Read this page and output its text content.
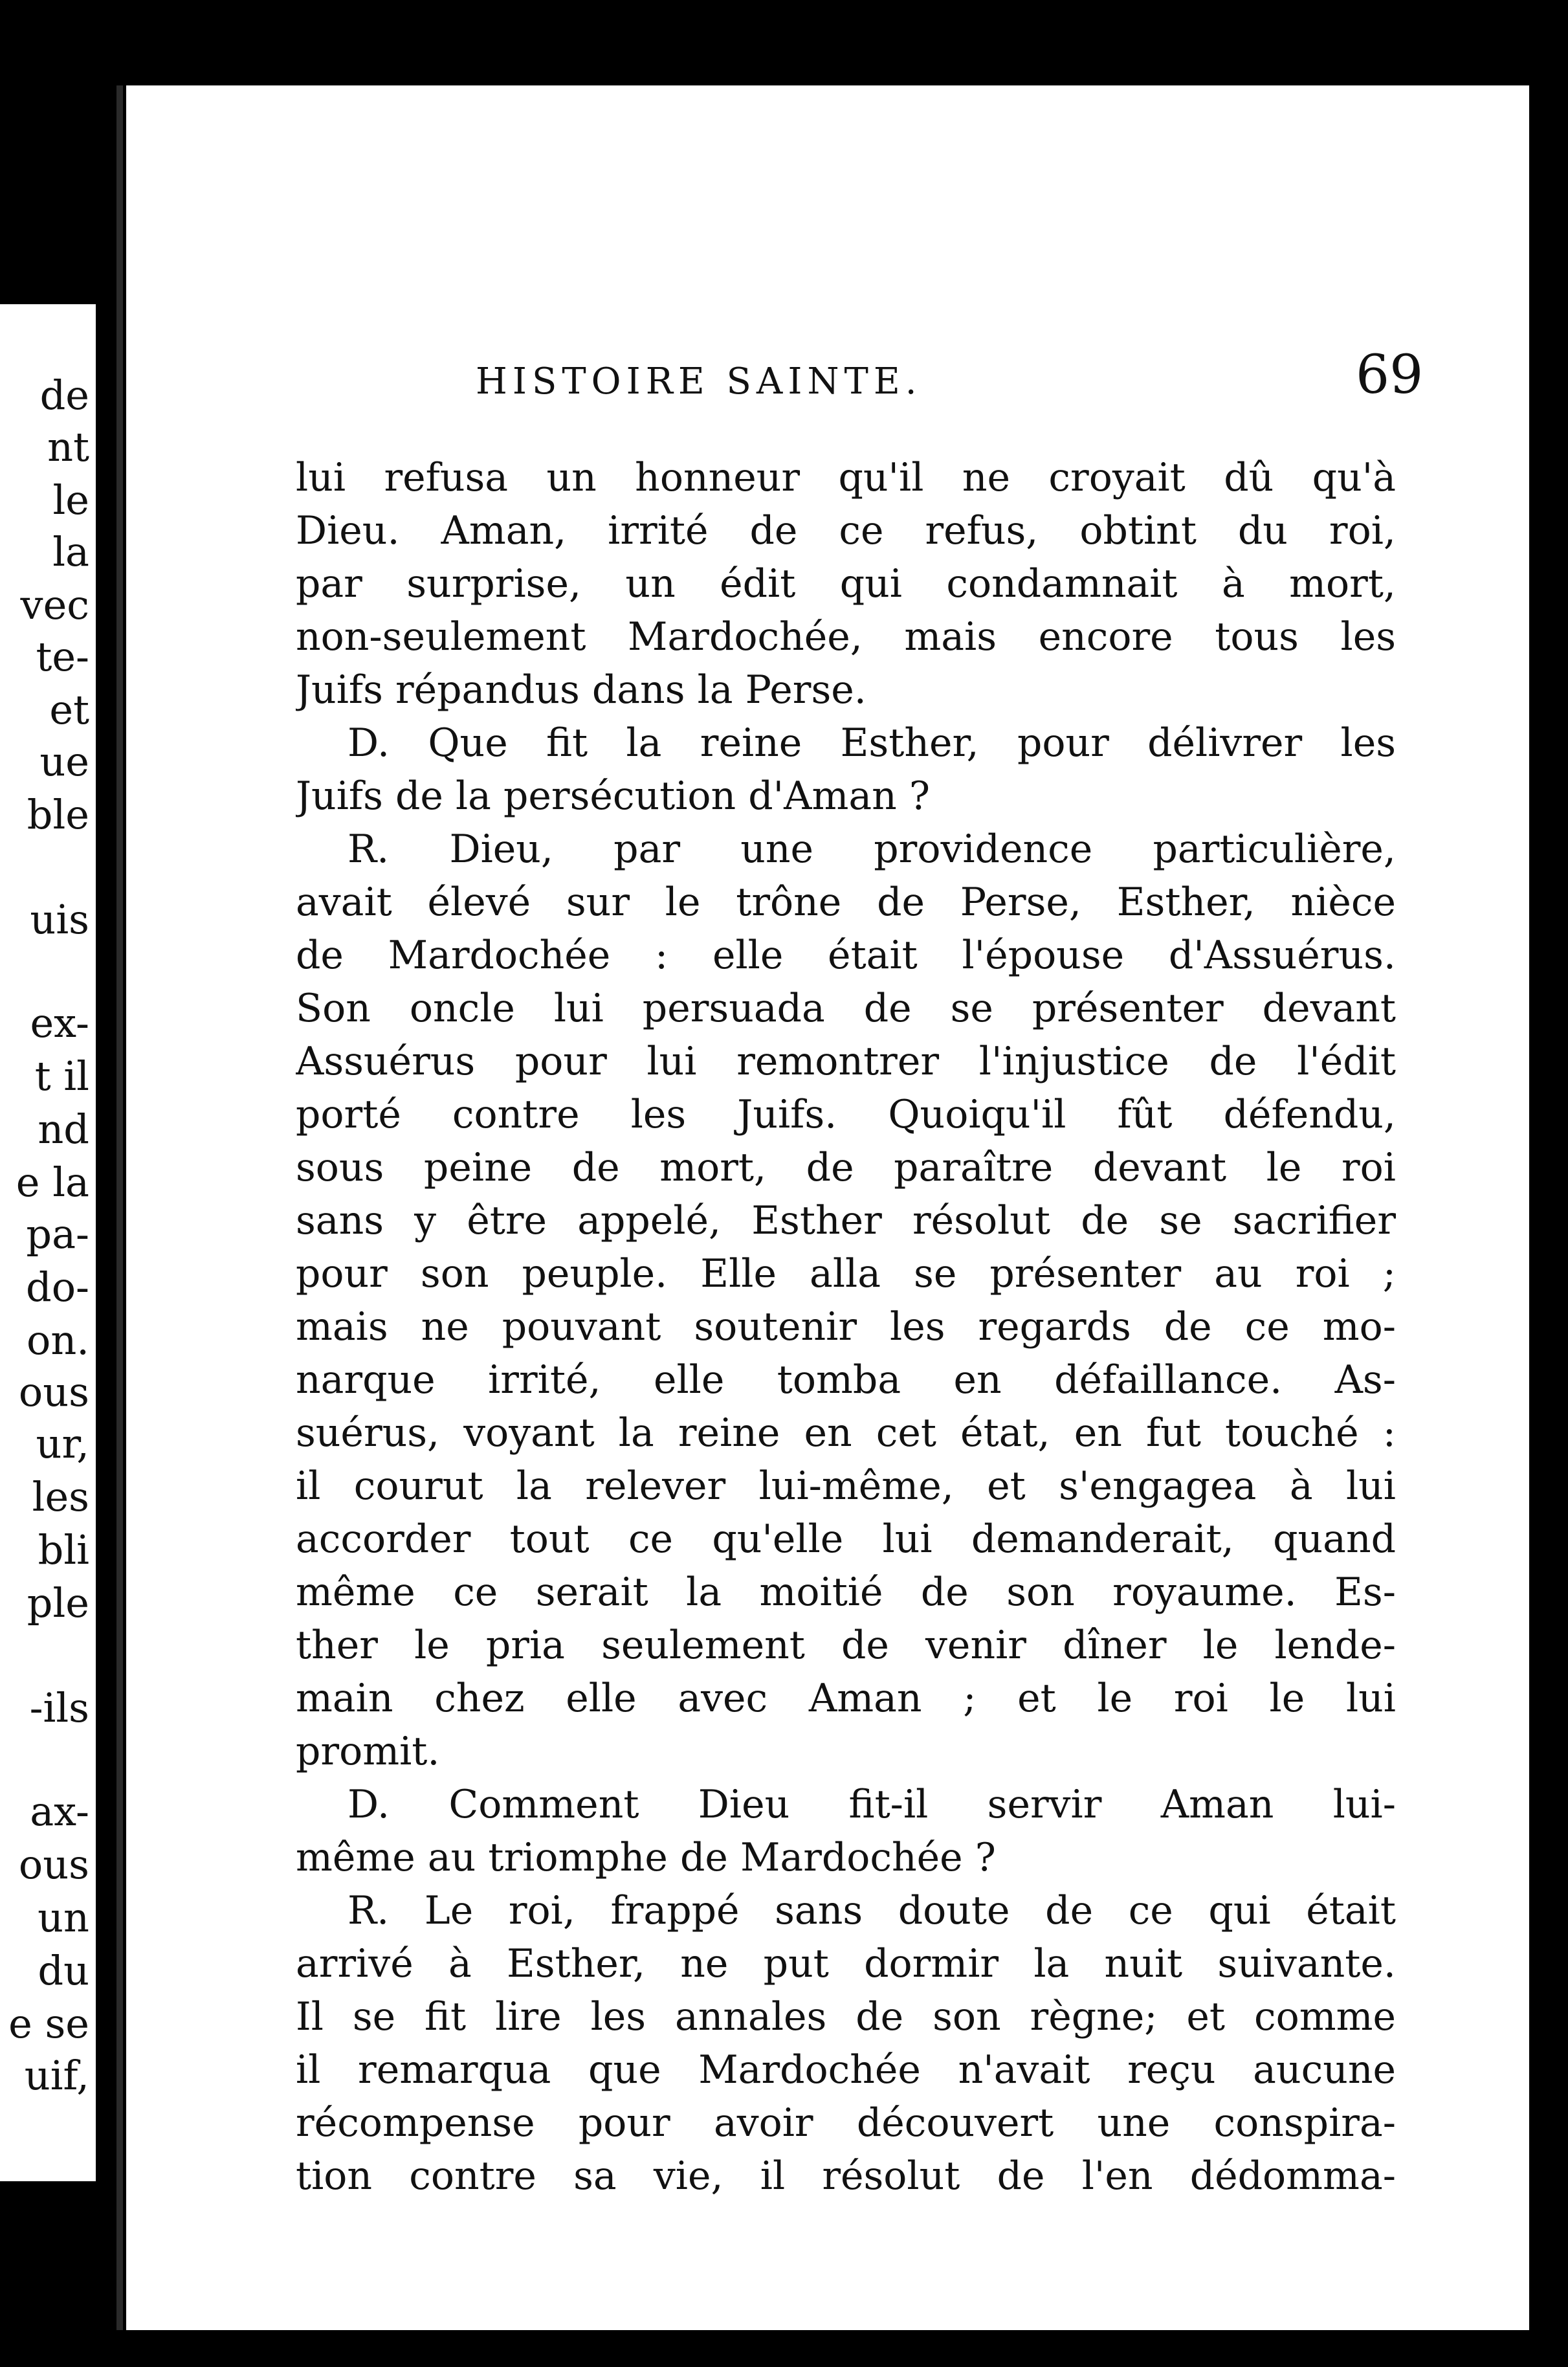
de
nt
le
la
vec
te-
et
ue
ble
uis
ex-
t il
nd
e la
pa-
do-
on.
ous
ur,
les
bli
ple
-ils
ax-
ous
un
du
e se
uif,
HISTOIRE SAINTE.	69
lui refusa un honneur qu'il ne croyait dû qu'à
Dieu. Aman, irrité de ce refus, obtint du roi,
par surprise, un édit qui condamnait à mort,
non-seulement Mardochée, mais encore tous les
Juifs répandus dans la Perse.
D. Que fit la reine Esther, pour délivrer les
Juifs de la persécution d'Aman ?
R. Dieu, par une providence particulière,
avait élevé sur le trône de Perse, Esther, nièce
de Mardochée : elle était l'épouse d'Assuérus.
Son oncle lui persuada de se présenter devant
Assuérus pour lui remontrer l'injustice de l'édit
porté contre les Juifs. Quoiqu'il fût défendu,
sous peine de mort, de paraître devant le roi
sans y être appelé, Esther résolut de se sacrifier
pour son peuple. Elle alla se présenter au roi ;
mais ne pouvant soutenir les regards de ce mo-
narque irrité, elle tomba en défaillance. As-
suérus, voyant la reine en cet état, en fut touché :
il courut la relever lui-même, et s'engagea à lui
accorder tout ce qu'elle lui demanderait, quand
même ce serait la moitié de son royaume. Es-
ther le pria seulement de venir dîner le lende-
main chez elle avec Aman ; et le roi le lui
promit.
D. Comment Dieu fit-il servir Aman lui-
même au triomphe de Mardochée ?
R. Le roi, frappé sans doute de ce qui était
arrivé à Esther, ne put dormir la nuit suivante.
Il se fit lire les annales de son règne; et comme
il remarqua que Mardochée n'avait reçu aucune
récompense pour avoir découvert une conspira-
tion contre sa vie, il résolut de l'en dédomma-
